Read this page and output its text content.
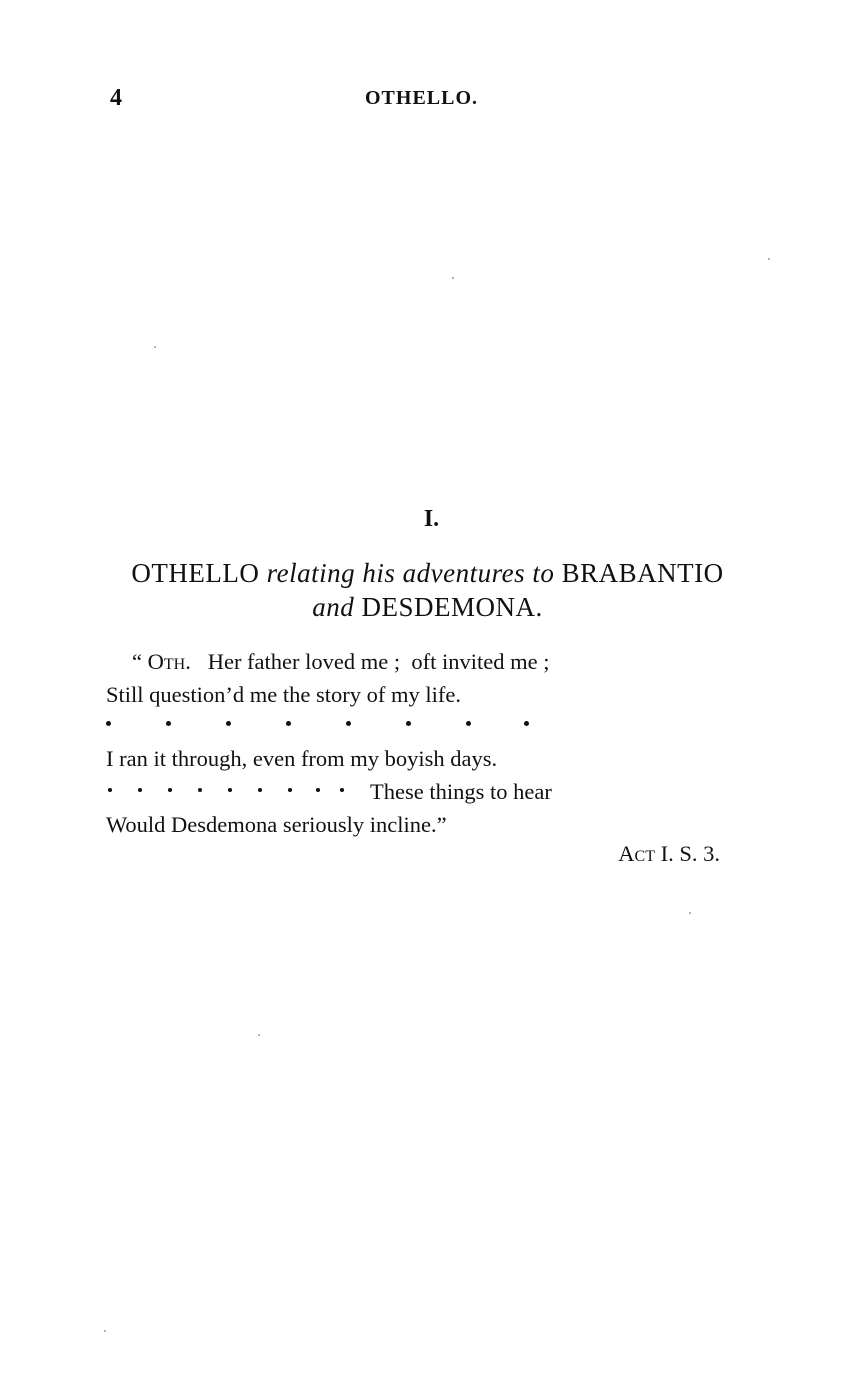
4	OTHELLO.
I.
OTHELLO relating his adventures to BRABANTIO
and DESDEMONA.
“ Oth. Her father loved me ;  oft invited me ;
Still question’d me the story of my life.
I ran it through, even from my boyish days.
These things to hear
Would Desdemona seriously incline.”
Act I. S. 3.
